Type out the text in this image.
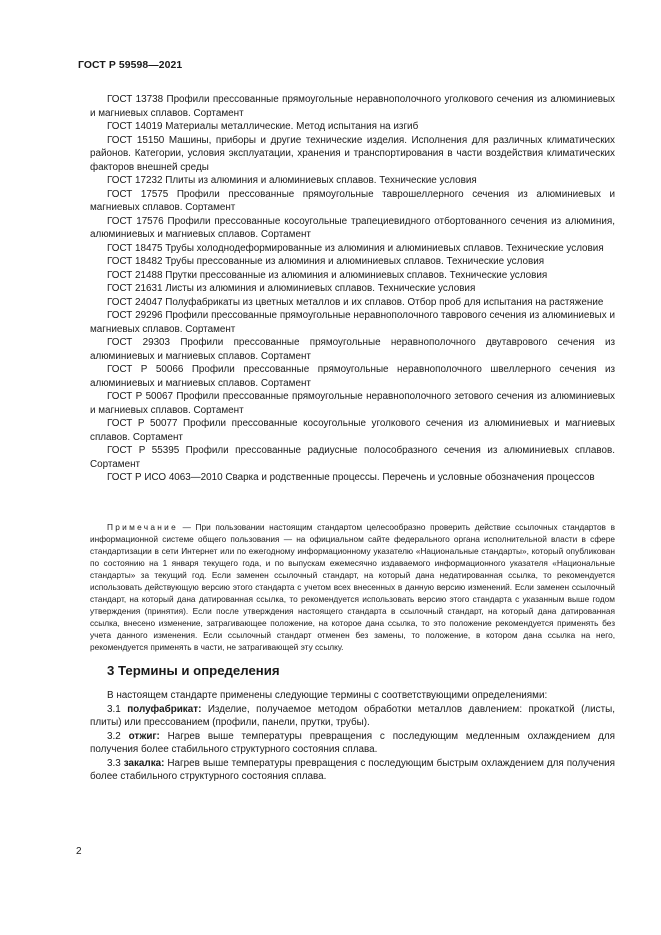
ГОСТ Р 59598—2021

ГОСТ 13738 Профили прессованные прямоугольные неравнополочного уголкового сечения из алюминиевых и магниевых сплавов. Сортамент

ГОСТ 14019 Материалы металлические. Метод испытания на изгиб

ГОСТ 15150 Машины, приборы и другие технические изделия. Исполнения для различных климатических районов. Категории, условия эксплуатации, хранения и транспортирования в части воздействия климатических факторов внешней среды

ГОСТ 17232 Плиты из алюминия и алюминиевых сплавов. Технические условия

ГОСТ 17575 Профили прессованные прямоугольные таврошеллерного сечения из алюминиевых и магниевых сплавов. Сортамент

ГОСТ 17576 Профили прессованные косоугольные трапециевидного отбортованного сечения из алюминия, алюминиевых и магниевых сплавов. Сортамент

ГОСТ 18475 Трубы холоднодеформированные из алюминия и алюминиевых сплавов. Технические условия

ГОСТ 18482 Трубы прессованные из алюминия и алюминиевых сплавов. Технические условия

ГОСТ 21488 Прутки прессованные из алюминия и алюминиевых сплавов. Технические условия

ГОСТ 21631 Листы из алюминия и алюминиевых сплавов. Технические условия

ГОСТ 24047 Полуфабрикаты из цветных металлов и их сплавов. Отбор проб для испытания на растяжение

ГОСТ 29296 Профили прессованные прямоугольные неравнополочного таврового сечения из алюминиевых и магниевых сплавов. Сортамент

ГОСТ 29303 Профили прессованные прямоугольные неравнополочного двутаврового сечения из алюминиевых и магниевых сплавов. Сортамент

ГОСТ Р 50066 Профили прессованные прямоугольные неравнополочного швеллерного сечения из алюминиевых и магниевых сплавов. Сортамент

ГОСТ Р 50067 Профили прессованные прямоугольные неравнополочного зетового сечения из алюминиевых и магниевых сплавов. Сортамент

ГОСТ Р 50077 Профили прессованные косоугольные уголкового сечения из алюминиевых и магниевых сплавов. Сортамент

ГОСТ Р 55395 Профили прессованные радиусные полособразного сечения из алюминиевых сплавов. Сортамент

ГОСТ Р ИСО 4063—2010 Сварка и родственные процессы. Перечень и условные обозначения процессов

Примечание — При пользовании настоящим стандартом целесообразно проверить действие ссылочных стандартов в информационной системе общего пользования — на официальном сайте федерального органа исполнительной власти в сфере стандартизации в сети Интернет или по ежегодному информационному указателю «Национальные стандарты», который опубликован по состоянию на 1 января текущего года, и по выпускам ежемесячно издаваемого информационного указателя «Национальные стандарты» за текущий год. Если заменен ссылочный стандарт, на который дана недатированная ссылка, то рекомендуется использовать действующую версию этого стандарта с учетом всех внесенных в данную версию изменений. Если заменен ссылочный стандарт, на который дана датированная ссылка, то рекомендуется использовать версию этого стандарта с указанным выше годом утверждения (принятия). Если после утверждения настоящего стандарта в ссылочный стандарт, на который дана датированная ссылка, внесено изменение, затрагивающее положение, на которое дана ссылка, то это положение рекомендуется применять без учета данного изменения. Если ссылочный стандарт отменен без замены, то положение, в котором дана ссылка на него, рекомендуется применять в части, не затрагивающей эту ссылку.

3 Термины и определения

В настоящем стандарте применены следующие термины с соответствующими определениями:

3.1 полуфабрикат: Изделие, получаемое методом обработки металлов давлением: прокаткой (листы, плиты) или прессованием (профили, панели, прутки, трубы).

3.2 отжиг: Нагрев выше температуры превращения с последующим медленным охлаждением для получения более стабильного структурного состояния сплава.

3.3 закалка: Нагрев выше температуры превращения с последующим быстрым охлаждением для получения более стабильного структурного состояния сплава.

2
